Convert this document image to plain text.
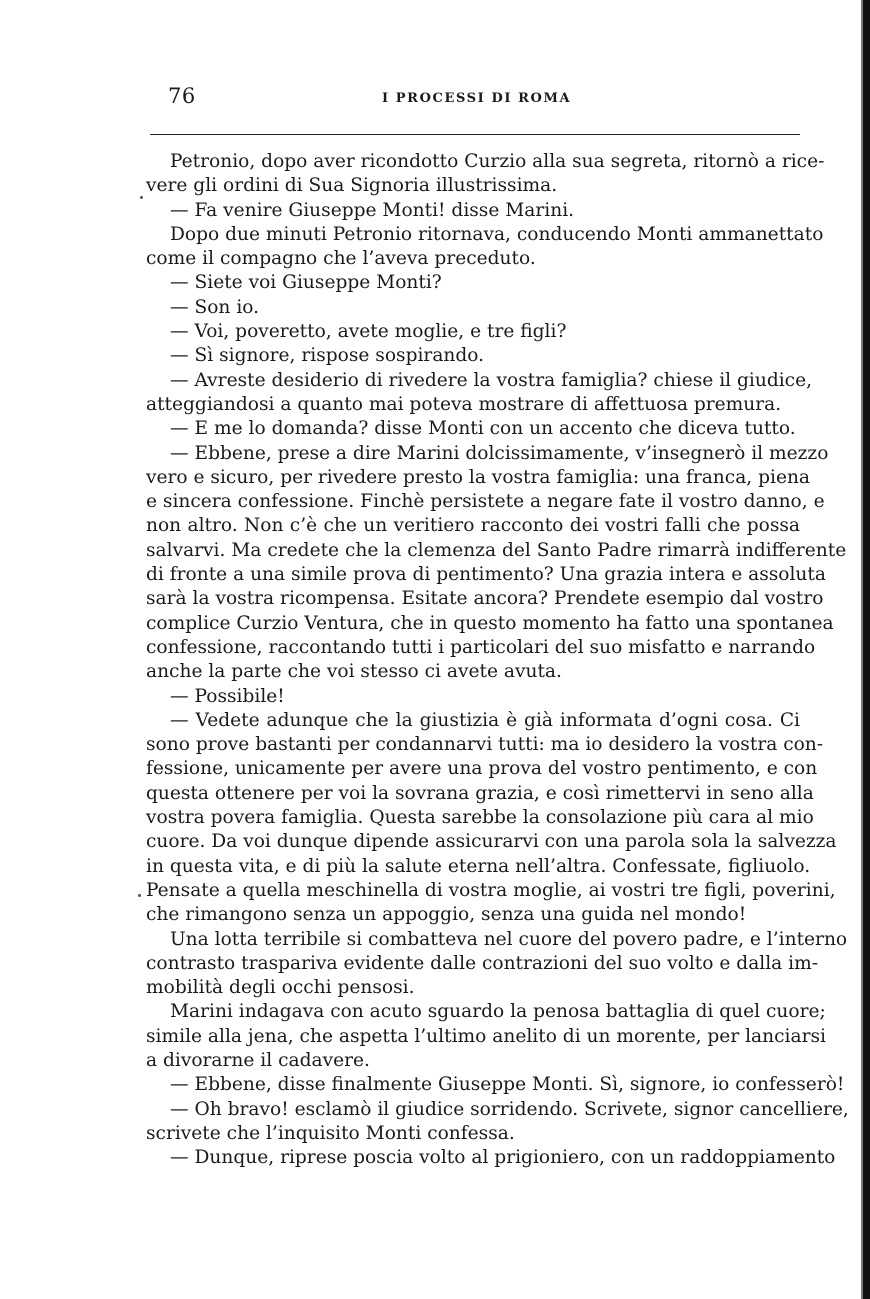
76	I PROCESSI DI ROMA
Petronio, dopo aver ricondotto Curzio alla sua segreta, ritornò a rice-
vere gli ordini di Sua Signoria illustrissima.
— Fa venire Giuseppe Monti! disse Marini.
Dopo due minuti Petronio ritornava, conducendo Monti ammanettato
come il compagno che l’aveva preceduto.
— Siete voi Giuseppe Monti?
— Son io.
— Voi, poveretto, avete moglie, e tre figli?
— Sì signore, rispose sospirando.
— Avreste desiderio di rivedere la vostra famiglia? chiese il giudice,
atteggiandosi a quanto mai poteva mostrare di affettuosa premura.
— E me lo domanda? disse Monti con un accento che diceva tutto.
— Ebbene, prese a dire Marini dolcissimamente, v’insegnerò il mezzo
vero e sicuro, per rivedere presto la vostra famiglia: una franca, piena
e sincera confessione. Finchè persistete a negare fate il vostro danno, e
non altro. Non c’è che un veritiero racconto dei vostri falli che possa
salvarvi. Ma credete che la clemenza del Santo Padre rimarrà indifferente
di fronte a una simile prova di pentimento? Una grazia intera e assoluta
sarà la vostra ricompensa. Esitate ancora? Prendete esempio dal vostro
complice Curzio Ventura, che in questo momento ha fatto una spontanea
confessione, raccontando tutti i particolari del suo misfatto e narrando
anche la parte che voi stesso ci avete avuta.
— Possibile!
— Vedete adunque che la giustizia è già informata d’ogni cosa. Ci
sono prove bastanti per condannarvi tutti: ma io desidero la vostra con-
fessione, unicamente per avere una prova del vostro pentimento, e con
questa ottenere per voi la sovrana grazia, e così rimettervi in seno alla
vostra povera famiglia. Questa sarebbe la consolazione più cara al mio
cuore. Da voi dunque dipende assicurarvi con una parola sola la salvezza
in questa vita, e di più la salute eterna nell’altra. Confessate, figliuolo.
Pensate a quella meschinella di vostra moglie, ai vostri tre figli, poverini,
che rimangono senza un appoggio, senza una guida nel mondo!
Una lotta terribile si combatteva nel cuore del povero padre, e l’interno
contrasto traspariva evidente dalle contrazioni del suo volto e dalla im-
mobilità degli occhi pensosi.
Marini indagava con acuto sguardo la penosa battaglia di quel cuore;
simile alla jena, che aspetta l’ultimo anelito di un morente, per lanciarsi
a divorarne il cadavere.
— Ebbene, disse finalmente Giuseppe Monti. Sì, signore, io confesserò!
— Oh bravo! esclamò il giudice sorridendo. Scrivete, signor cancelliere,
scrivete che l’inquisito Monti confessa.
— Dunque, riprese poscia volto al prigioniero, con un raddoppiamento
